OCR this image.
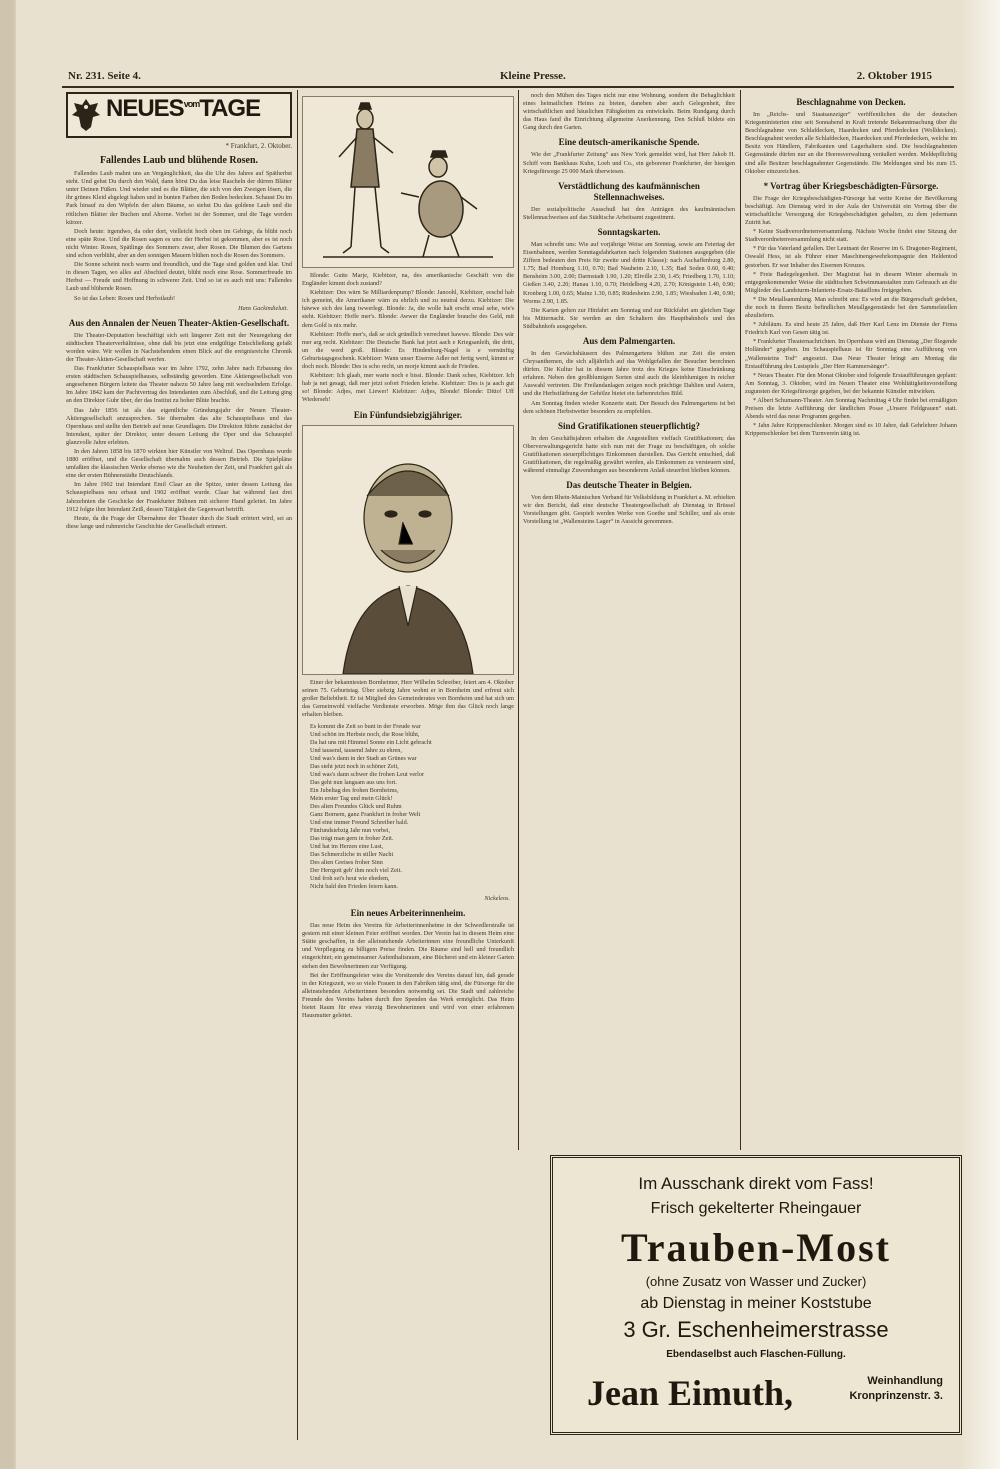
Nr. 231. Seite 4.	Kleine Presse.	2. Oktober 1915
$NEUES^{vom}TAGE$
* Frankfurt, 2. Oktober.
Fallendes Laub und blühende Rosen.

Fallendes Laub mahnt uns an Vergänglichkeit, das die Uhr des Jahres auf Spätherbst steht. Und gehst Du durch den Wald, dann hörst Du das leise Rascheln der dürren Blätter unter Deinen Füßen. Und wieder sind es die Blätter, die sich von den Zweigen lösen, die ihr grünes Kleid abgelegt haben und in bunten Farben den Boden bedecken. Schaust Du im Park hinauf zu den Wipfeln der alten Bäume, so siehst Du das goldene Laub und die rötlichen Blätter der Buchen und Ahorne. Vorbei ist der Sommer, und die Tage werden kürzer.

Doch heute: irgendwo, da oder dort, vielleicht hoch oben im Gebirge, da blüht noch eine späte Rose. Und die Rosen sagen es uns: der Herbst ist gekommen, aber es ist noch nicht Winter. Rosen, Spätlinge des Sommers zwar, aber Rosen. Die Blumen des Gartens sind schon verblüht, aber an den sonnigen Mauern blühen noch die Rosen des Sommers.

Die Sonne scheint noch warm und freundlich, und die Tage sind golden und klar. Und in diesen Tagen, wo alles auf Abschied deutet, blüht noch eine Rose. Sommerfreude im Herbst — Freude und Hoffnung in schwerer Zeit. Und so ist es auch mit uns: Fallendes Laub und blühende Rosen.

So ist das Leben: Rosen und Herbstlaub!

Hans Gackindielutt.
Aus den Annalen der Neuen Theater-Aktien-Gesellschaft.

Die Theater-Deputation beschäftigt sich seit längerer Zeit mit der Neuregelung der städtischen Theaterverhältnisse, ohne daß bis jetzt eine endgültige Entschließung gefaßt worden wäre. Wir wollen in Nachstehendem einen Blick auf die ereignisreiche Chronik der Theater-Aktien-Gesellschaft werfen.

Das Frankfurter Schauspielhaus war im Jahre 1792, zehn Jahre nach Erbauung des ersten städtischen Schauspielhauses, selbständig geworden. Eine Aktiengesellschaft von angesehenen Bürgern leitete das Theater nahezu 50 Jahre lang mit wechselndem Erfolge. Im Jahre 1842 kam der Pachtvertrag des Intendanten zum Abschluß, und die Leitung ging an den Direktor Guhr über, der das Institut zu hoher Blüte brachte.

Das Jahr 1856 ist als das eigentliche Gründungsjahr der Neuen Theater-Aktiengesellschaft anzusprechen. Sie übernahm das alte Schauspielhaus und das Opernhaus und stellte den Betrieb auf neue Grundlagen. Die Direktion führte zunächst der Intendant, später der Direktor, unter dessen Leitung die Oper und das Schauspiel glanzvolle Jahre erlebten.

In den Jahren 1858 bis 1870 wirkten hier Künstler von Weltruf. Das Opernhaus wurde 1880 eröffnet, und die Gesellschaft übernahm auch dessen Betrieb. Die Spielpläne umfaßten die klassischen Werke ebenso wie die Neuheiten der Zeit, und Frankfurt galt als eine der ersten Bühnenstädte Deutschlands.

Im Jahre 1902 trat Intendant Emil Claar an die Spitze, unter dessen Leitung das Schauspielhaus neu erbaut und 1902 eröffnet wurde. Claar hat während fast drei Jahrzehnten die Geschicke der Frankfurter Bühnen mit sicherer Hand geleitet. Im Jahre 1912 folgte ihm Intendant Zeiß, dessen Tätigkeit die Gegenwart betrifft.

Heute, da die Frage der Übernahme der Theater durch die Stadt erörtert wird, sei an diese lange und ruhmreiche Geschichte der Gesellschaft erinnert.

Blonde: Gutte Marje, Kiebitzer, na, des amerikanische Geschäft von die Engländer kimmt doch zustand?

Kiebitzer: Des wärn Se Milliardenpump? Blonde: Janoohl, Kiebitzer, eeschd hab ich gemeint, die Amerikaner wärn zu ehrlich und zu neutral derzu. Kiebitzer: Die häwwe sich des lang iwwerlegt. Blonde: Ja, die wolle halt erscht emal sehe, wie's steht. Kiebitzer: Hoffe mer's. Blonde: Awwer die Engländer brauche des Geld, mit dem Gold is nix mehr.

Kiebitzer: Hoffe mer's, daß se sich gründlich verrechnet hawwe. Blonde: Des wär mer arg recht. Kiebitzer: Die Deutsche Bank hat jetzt aach e Kriegsanleih, die dritt, un die werd groß. Blonde: Es Hindenburg-Nagel is e vernünftig Geburtstagsgeschenk. Kiebitzer: Wann unser Eiserne Adler net fertig werd, kimmt er doch noch. Blonde: Des is scho recht, un morje kimmt aach de Frieden.

Kiebitzer: Ich glaab, mer warte noch e bissi. Blonde: Dank schee, Kiebitzer. Ich hab ja net gesagt, daß mer jetzt sofort Frieden kriehe. Kiebitzer: Des is ja aach gut so! Blonde: Adjes, mei Liewer! Kiebitzer: Adjes, Blonde! Blonde: Ditto! Uff Wiederseh!

Ein Fünfundsiebzigjähriger.

Einer der bekanntesten Bornheimer, Herr Wilhelm Schreiber, feiert am 4. Oktober seinen 75. Geburtstag. Über siebzig Jahre wohnt er in Bornheim und erfreut sich großer Beliebtheit. Er ist Mitglied des Gemeinderates von Bornheim und hat sich um das Gemeinwohl vielfache Verdienste erworben. Möge ihm das Glück noch lange erhalten bleiben.

Es kommt die Zeit so bunt in der Freude war
Und schön im Herbste noch, die Rose blüht,
Da hat uns mit Himmel Sonne ein Licht gebracht
Und tausend, tausend Jahre zu ehren,
Und was's dann in der Stadt an Grünes war
Das steht jetzt noch in schöner Zeit,
Und was's dann schwer die frohen Leut verlor
Das geht nun langsam aus uns fort.
Ein Jubeltag des frohen Bornheims,
Mein erster Tag und mein Glück!
Des alten Freundes Glück und Ruhm
Ganz Bornem, ganz Frankfurt in froher Welt
Und eine immer Freund Schreiber bald.
Fünfundsiebzig Jahr nun vorbei,
Das trägt man gern in froher Zeit.
Und hat im Herzen eine Lust,
Das Schmerzliche in stiller Nacht
Des alten Greises froher Sinn
Der Herrgott geb' ihm noch viel Zeit.
Und froh sei's heut wie ehedem,
Nicht bald den Frieden feiern kann.
Nickeleos.
Ein neues Arbeiterinnenheim.

Das neue Heim des Vereins für Arbeiterinnenheime in der Schwedlerstraße ist gestern mit einer kleinen Feier eröffnet worden. Der Verein hat in diesem Heim eine Stätte geschaffen, in der alleinstehende Arbeiterinnen eine freundliche Unterkunft und Verpflegung zu billigem Preise finden. Die Räume sind hell und freundlich eingerichtet; ein gemeinsamer Aufenthaltsraum, eine Bücherei und ein kleiner Garten stehen den Bewohnerinnen zur Verfügung.

Bei der Eröffnungsfeier wies die Vorsitzende des Vereins darauf hin, daß gerade in der Kriegszeit, wo so viele Frauen in den Fabriken tätig sind, die Fürsorge für die alleinstehenden Arbeiterinnen besonders notwendig sei. Die Stadt und zahlreiche Freunde des Vereins haben durch ihre Spenden das Werk ermöglicht. Das Heim bietet Raum für etwa vierzig Bewohnerinnen und wird von einer erfahrenen Hausmutter geleitet.

noch den Mühen des Tages nicht nur eine Wohnung, sondern die Behaglichkeit eines heimatlichen Heims zu bieten, daneben aber auch Gelegenheit, ihre wirtschaftlichen und häuslichen Fähigkeiten zu entwickeln. Beim Rundgang durch das Haus fand die Einrichtung allgemeine Anerkennung. Den Schluß bildete ein Gang durch den Garten.

Eine deutsch-amerikanische Spende.

Wie der „Frankfurter Zeitung“ aus New York gemeldet wird, hat Herr Jakob H. Schiff vom Bankhaus Kuhn, Loeb und Co., ein geborener Frankfurter, der hiesigen Kriegsfürsorge 25 000 Mark überwiesen.

Verstädtlichung des kaufmännischen Stellennachweises.

Der sozialpolitische Ausschuß hat den Anträgen des kaufmännischen Stellennachweises auf das Städtische Arbeitsamt zugestimmt.

Sonntagskarten.

Man schreibt uns: Wie auf vorjährige Weise am Sonntag, sowie am Feiertag der Eisenbahnen, werden Sonntagsfahrkarten nach folgenden Stationen ausgegeben (die Ziffern bedeuten den Preis für zweite und dritte Klasse): nach Aschaffenburg 2.80, 1.75; Bad Homburg 1.10, 0.70; Bad Nauheim 2.10, 1.35; Bad Soden 0.60, 0.40; Bensheim 3.00, 2.00; Darmstadt 1.90, 1.20; Eltville 2.30, 1.45; Friedberg 1.70, 1.10; Gießen 3.40, 2.20; Hanau 1.10, 0.70; Heidelberg 4.20, 2.70; Königstein 1.40, 0.90; Kronberg 1.00, 0.65; Mainz 1.30, 0.85; Rüdesheim 2.90, 1.85; Wiesbaden 1.40, 0.90; Worms 2.90, 1.85.

Die Karten gelten zur Hinfahrt am Sonntag und zur Rückfahrt am gleichen Tage bis Mitternacht. Sie werden an den Schaltern des Hauptbahnhofs und des Südbahnhofs ausgegeben.

Aus dem Palmengarten.

In den Gewächshäusern des Palmengartens blühen zur Zeit die ersten Chrysanthemen, die sich alljährlich auf das Wohlgefallen der Besucher berechnen dürfen. Die Kultur hat in diesem Jahre trotz des Krieges keine Einschränkung erfahren. Neben den großblumigen Sorten sind auch die kleinblumigen in reicher Auswahl vertreten. Die Freilandanlagen zeigen noch prächtige Dahlien und Astern, und die Herbstfärbung der Gehölze bietet ein farbenreiches Bild.

Am Sonntag finden wieder Konzerte statt. Der Besuch des Palmengartens ist bei dem schönen Herbstwetter besonders zu empfehlen.

Sind Gratifikationen steuerpflichtig?

In den Geschäftsjahren erhalten die Angestellten vielfach Gratifikationen; das Oberverwaltungsgericht hatte sich nun mit der Frage zu beschäftigen, ob solche Gratifikationen steuerpflichtiges Einkommen darstellen. Das Gericht entschied, daß Gratifikationen, die regelmäßig gewährt werden, als Einkommen zu versteuern sind, während einmalige Zuwendungen aus besonderem Anlaß steuerfrei bleiben können.

Das deutsche Theater in Belgien.

Von dem Rhein-Mainischen Verband für Volksbildung in Frankfurt a. M. erhielten wir den Bericht, daß eine deutsche Theatergesellschaft ab Dienstag in Brüssel Vorstellungen gibt. Gespielt werden Werke von Goethe und Schiller, und als erste Vorstellung ist „Wallensteins Lager“ in Aussicht genommen.

Beschlagnahme von Decken.

Im „Reichs- und Staatsanzeiger“ veröffentlichen die der deutschen Kriegsministerien eine seit Sonnabend in Kraft tretende Bekanntmachung über die Beschlagnahme von Schlafdecken, Haardecken und Pferdedecken (Wolldecken). Beschlagnahmt werden alle Schlafdecken, Haardecken und Pferdedecken, welche im Besitz von Händlern, Fabrikanten und Lagerhaltern sind. Die beschlagnahmten Gegenstände dürfen nur an die Heeresverwaltung veräußert werden. Meldepflichtig sind alle Besitzer beschlagnahmter Gegenstände. Die Meldungen sind bis zum 15. Oktober einzureichen.

* Vortrag über Kriegsbeschädigten-Fürsorge.

Die Frage der Kriegsbeschädigten-Fürsorge hat weite Kreise der Bevölkerung beschäftigt. Am Dienstag wird in der Aula der Universität ein Vortrag über die wirtschaftliche Versorgung der Kriegsbeschädigten gehalten, zu dem jedermann Zutritt hat.

* Keine Stadtverordnetenversammlung. Nächste Woche findet eine Sitzung der Stadtverordnetenversammlung nicht statt.

* Für das Vaterland gefallen. Der Leutnant der Reserve im 6. Dragoner-Regiment, Oswald Hess, ist als Führer einer Maschinengewehrkompagnie den Heldentod gestorben. Er war Inhaber des Eisernen Kreuzes.

* Freie Badegelegenheit. Der Magistrat hat in diesem Winter abermals in entgegenkommender Weise die städtischen Schwimmanstalten zum Gebrauch an die Mitglieder des Landsturm-Infanterie-Ersatz-Bataillons freigegeben.

* Die Metallsammlung. Man schreibt uns: Es wird an die Bürgerschaft gedeben, die noch in ihrem Besitz befindlichen Metallgegenstände bei den Sammelstellen abzuliefern.

* Jubiläum. Es sind heute 25 Jahre, daß Herr Karl Lenz im Dienste der Firma Friedrich Karl von Gesen tätig ist.

* Frankfurter Theaternachrichten. Im Opernhaus wird am Dienstag „Der fliegende Holländer“ gegeben. Im Schauspielhaus ist für Sonntag eine Aufführung von „Wallensteins Tod“ angesetzt. Das Neue Theater bringt am Montag die Erstaufführung des Lustspiels „Der Herr Kammersänger“.

* Neues Theater. Für den Monat Oktober sind folgende Erstaufführungen geplant: Am Sonntag, 3. Oktober, wird im Neuen Theater eine Wohltätigkeitsvorstellung zugunsten der Kriegsfürsorge gegeben, bei der bekannte Künstler mitwirken.

* Albert Schumann-Theater. Am Sonntag Nachmittag 4 Uhr findet bei ermäßigten Preisen die letzte Aufführung der ländlichen Posse „Unsere Feldgrauen“ statt. Abends wird das neue Programm gegeben.

* Jahn Jahre Krippenschlenker. Morgen sind es 10 Jahre, daß Gehrlehrer Johann Krippenschlenker bei dem Turnverein tätig ist.

Im Ausschank direkt vom Fass!
Frisch gekelterter Rheingauer
Trauben-Most
(ohne Zusatz von Wasser und Zucker)
ab Dienstag in meiner Koststube
3 Gr. Eschenheimerstrasse
Ebendaselbst auch Flaschen-Füllung.
Jean Eimuth,	Weinhandlung
Kronprinzenstr. 3.
